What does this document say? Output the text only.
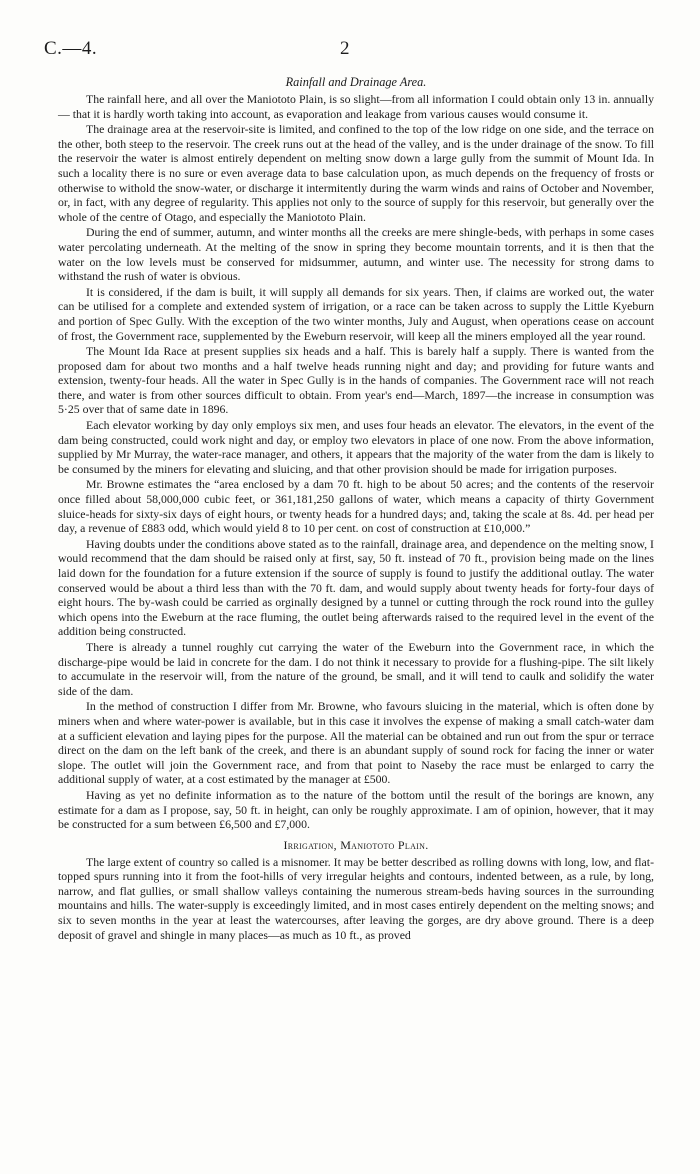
C.—4.	2
Rainfall and Drainage Area.

The rainfall here, and all over the Maniototo Plain, is so slight—from all information I could obtain only 13 in. annually — that it is hardly worth taking into account, as evaporation and leakage from various causes would consume it.

The drainage area at the reservoir-site is limited, and confined to the top of the low ridge on one side, and the terrace on the other, both steep to the reservoir. The creek runs out at the head of the valley, and is the under drainage of the snow. To fill the reservoir the water is almost entirely dependent on melting snow down a large gully from the summit of Mount Ida. In such a locality there is no sure or even average data to base calculation upon, as much depends on the frequency of frosts or otherwise to withold the snow-water, or discharge it intermitently during the warm winds and rains of October and November, or, in fact, with any degree of regularity. This applies not only to the source of supply for this reservoir, but generally over the whole of the centre of Otago, and especially the Maniototo Plain.

During the end of summer, autumn, and winter months all the creeks are mere shingle-beds, with perhaps in some cases water percolating underneath. At the melting of the snow in spring they become mountain torrents, and it is then that the water on the low levels must be conserved for midsummer, autumn, and winter use. The necessity for strong dams to withstand the rush of water is obvious.

It is considered, if the dam is built, it will supply all demands for six years. Then, if claims are worked out, the water can be utilised for a complete and extended system of irrigation, or a race can be taken across to supply the Little Kyeburn and portion of Spec Gully. With the exception of the two winter months, July and August, when operations cease on account of frost, the Government race, supplemented by the Eweburn reservoir, will keep all the miners employed all the year round.

The Mount Ida Race at present supplies six heads and a half. This is barely half a supply. There is wanted from the proposed dam for about two months and a half twelve heads running night and day; and providing for future wants and extension, twenty-four heads. All the water in Spec Gully is in the hands of companies. The Government race will not reach there, and water is from other sources difficult to obtain. From year's end—March, 1897—the increase in consumption was 5·25 over that of same date in 1896.

Each elevator working by day only employs six men, and uses four heads an elevator. The elevators, in the event of the dam being constructed, could work night and day, or employ two elevators in place of one now. From the above information, supplied by Mr Murray, the water-race manager, and others, it appears that the majority of the water from the dam is likely to be consumed by the miners for elevating and sluicing, and that other provision should be made for irrigation purposes.

Mr. Browne estimates the “area enclosed by a dam 70 ft. high to be about 50 acres; and the contents of the reservoir once filled about 58,000,000 cubic feet, or 361,181,250 gallons of water, which means a capacity of thirty Government sluice-heads for sixty-six days of eight hours, or twenty heads for a hundred days; and, taking the scale at 8s. 4d. per head per day, a revenue of £883 odd, which would yield 8 to 10 per cent. on cost of construction at £10,000.”

Having doubts under the conditions above stated as to the rainfall, drainage area, and dependence on the melting snow, I would recommend that the dam should be raised only at first, say, 50 ft. instead of 70 ft., provision being made on the lines laid down for the foundation for a future extension if the source of supply is found to justify the additional outlay. The water conserved would be about a third less than with the 70 ft. dam, and would supply about twenty heads for forty-four days of eight hours. The by-wash could be carried as orginally designed by a tunnel or cutting through the rock round into the gulley which opens into the Eweburn at the race fluming, the outlet being afterwards raised to the required level in the event of the addition being constructed.

There is already a tunnel roughly cut carrying the water of the Eweburn into the Government race, in which the discharge-pipe would be laid in concrete for the dam. I do not think it necessary to provide for a flushing-pipe. The silt likely to accumulate in the reservoir will, from the nature of the ground, be small, and it will tend to caulk and solidify the water side of the dam.

In the method of construction I differ from Mr. Browne, who favours sluicing in the material, which is often done by miners when and where water-power is available, but in this case it involves the expense of making a small catch-water dam at a sufficient elevation and laying pipes for the purpose. All the material can be obtained and run out from the spur or terrace direct on the dam on the left bank of the creek, and there is an abundant supply of sound rock for facing the inner or water slope. The outlet will join the Government race, and from that point to Naseby the race must be enlarged to carry the additional supply of water, at a cost estimated by the manager at £500.

Having as yet no definite information as to the nature of the bottom until the result of the borings are known, any estimate for a dam as I propose, say, 50 ft. in height, can only be roughly approximate. I am of opinion, however, that it may be constructed for a sum between £6,500 and £7,000.

Irrigation, Maniototo Plain.

The large extent of country so called is a misnomer. It may be better described as rolling downs with long, low, and flat-topped spurs running into it from the foot-hills of very irregular heights and contours, indented between, as a rule, by long, narrow, and flat gullies, or small shallow valleys containing the numerous stream-beds having sources in the surrounding mountains and hills. The water-supply is exceedingly limited, and in most cases entirely dependent on the melting snows; and six to seven months in the year at least the watercourses, after leaving the gorges, are dry above ground. There is a deep deposit of gravel and shingle in many places—as much as 10 ft., as proved
